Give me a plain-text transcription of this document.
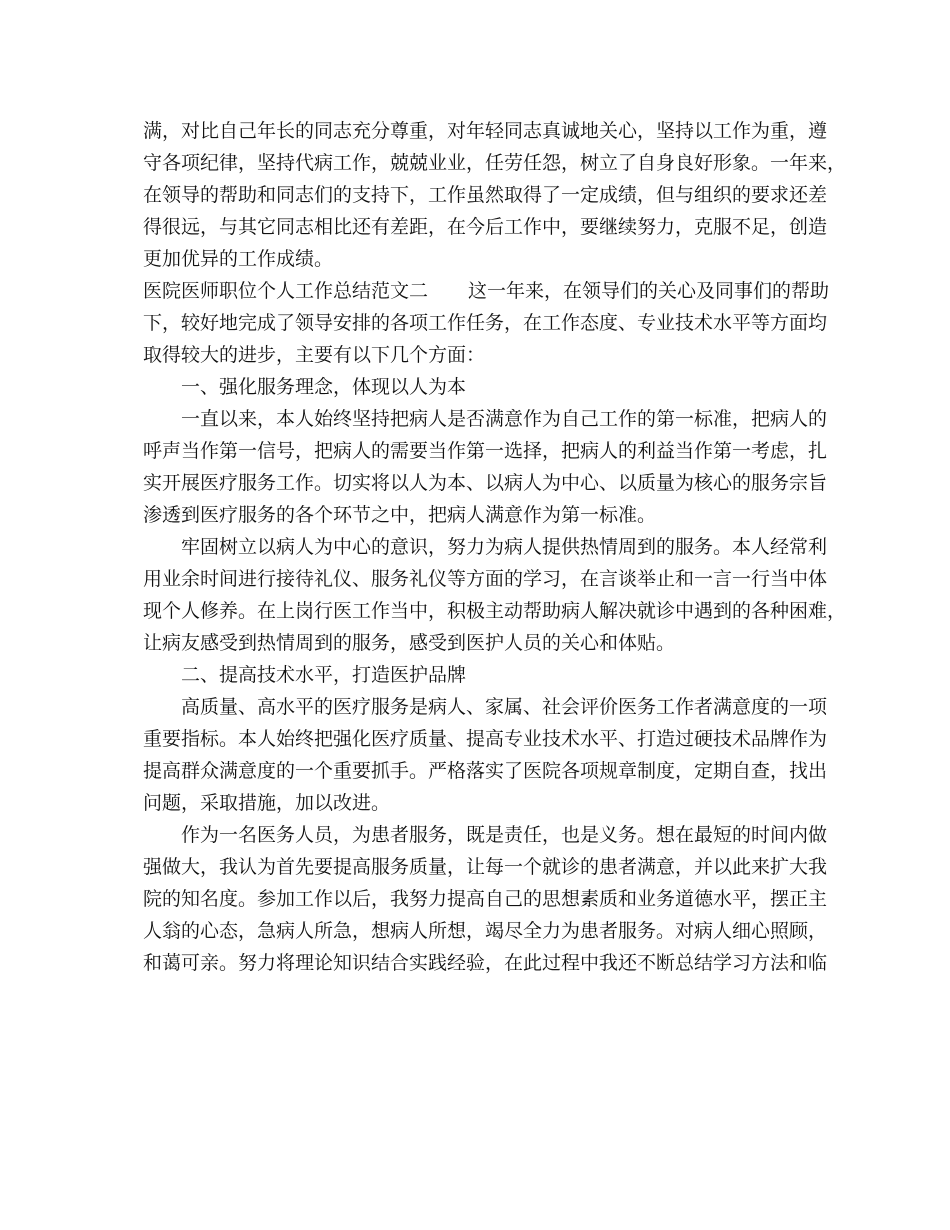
满，对比自己年长的同志充分尊重，对年轻同志真诚地关心，坚持以工作为重，遵
守各项纪律，坚持代病工作，兢兢业业，任劳任怨，树立了自身良好形象。一年来，
在领导的帮助和同志们的支持下，工作虽然取得了一定成绩，但与组织的要求还差
得很远，与其它同志相比还有差距，在今后工作中，要继续努力，克服不足，创造
更加优异的工作成绩。
医院医师职位个人工作总结范文二 这一年来，在领导们的关心及同事们的帮助
下，较好地完成了领导安排的各项工作任务，在工作态度、专业技术水平等方面均
取得较大的进步，主要有以下几个方面：
一、强化服务理念，体现以人为本
一直以来，本人始终坚持把病人是否满意作为自己工作的第一标准，把病人的
呼声当作第一信号，把病人的需要当作第一选择，把病人的利益当作第一考虑，扎
实开展医疗服务工作。切实将以人为本、以病人为中心、以质量为核心的服务宗旨
渗透到医疗服务的各个环节之中，把病人满意作为第一标准。
牢固树立以病人为中心的意识，努力为病人提供热情周到的服务。本人经常利
用业余时间进行接待礼仪、服务礼仪等方面的学习，在言谈举止和一言一行当中体
现个人修养。在上岗行医工作当中，积极主动帮助病人解决就诊中遇到的各种困难，
让病友感受到热情周到的服务，感受到医护人员的关心和体贴。
二、提高技术水平，打造医护品牌
高质量、高水平的医疗服务是病人、家属、社会评价医务工作者满意度的一项
重要指标。本人始终把强化医疗质量、提高专业技术水平、打造过硬技术品牌作为
提高群众满意度的一个重要抓手。严格落实了医院各项规章制度，定期自查，找出
问题，采取措施，加以改进。
作为一名医务人员，为患者服务，既是责任，也是义务。想在最短的时间内做
强做大，我认为首先要提高服务质量，让每一个就诊的患者满意，并以此来扩大我
院的知名度。参加工作以后，我努力提高自己的思想素质和业务道德水平，摆正主
人翁的心态，急病人所急，想病人所想，竭尽全力为患者服务。对病人细心照顾，
和蔼可亲。努力将理论知识结合实践经验，在此过程中我还不断总结学习方法和临
